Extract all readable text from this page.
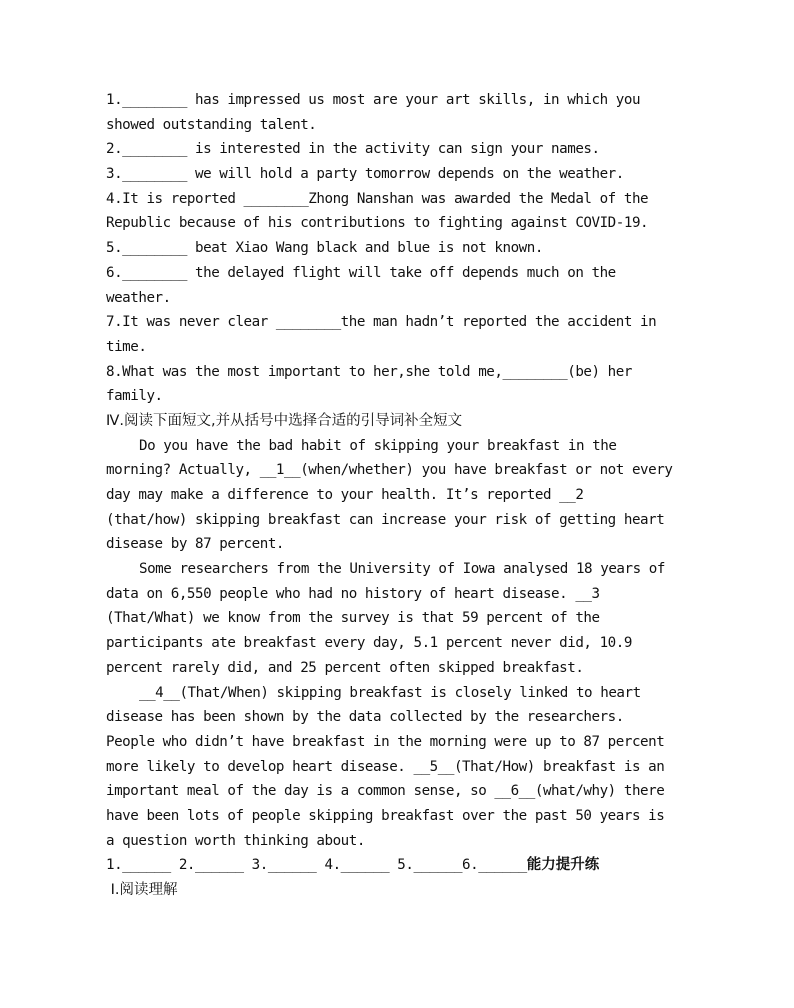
1.________ has impressed us most are your art skills, in which you
showed outstanding talent.
2.________ is interested in the activity can sign your names.
3.________ we will hold a party tomorrow depends on the weather.
4.It is reported ________Zhong Nanshan was awarded the Medal of the
Republic because of his contributions to fighting against COVID-19.
5.________ beat Xiao Wang black and blue is not known.
6.________ the delayed flight will take off depends much on the
weather.
7.It was never clear ________the man hadn’t reported the accident in
time.
8.What was the most important to her,she told me,________(be) her
family.
Ⅳ.阅读下面短文,并从括号中选择合适的引导词补全短文
Do you have the bad habit of skipping your breakfast in the
morning? Actually, __1__(when/whether) you have breakfast or not every
day may make a difference to your health. It’s reported __2
(that/how) skipping breakfast can increase your risk of getting heart
disease by 87 percent.
Some researchers from the University of Iowa analysed 18 years of
data on 6,550 people who had no history of heart disease. __3
(That/What) we know from the survey is that 59 percent of the
participants ate breakfast every day, 5.1 percent never did, 10.9
percent rarely did, and 25 percent often skipped breakfast.
__4__(That/When) skipping breakfast is closely linked to heart
disease has been shown by the data collected by the researchers.
People who didn’t have breakfast in the morning were up to 87 percent
more likely to develop heart disease. __5__(That/How) breakfast is an
important meal of the day is a common sense, so __6__(what/why) there
have been lots of people skipping breakfast over the past 50 years is
a question worth thinking about.
1.______ 2.______ 3.______ 4.______ 5.______6.______能力提升练
Ⅰ.阅读理解
